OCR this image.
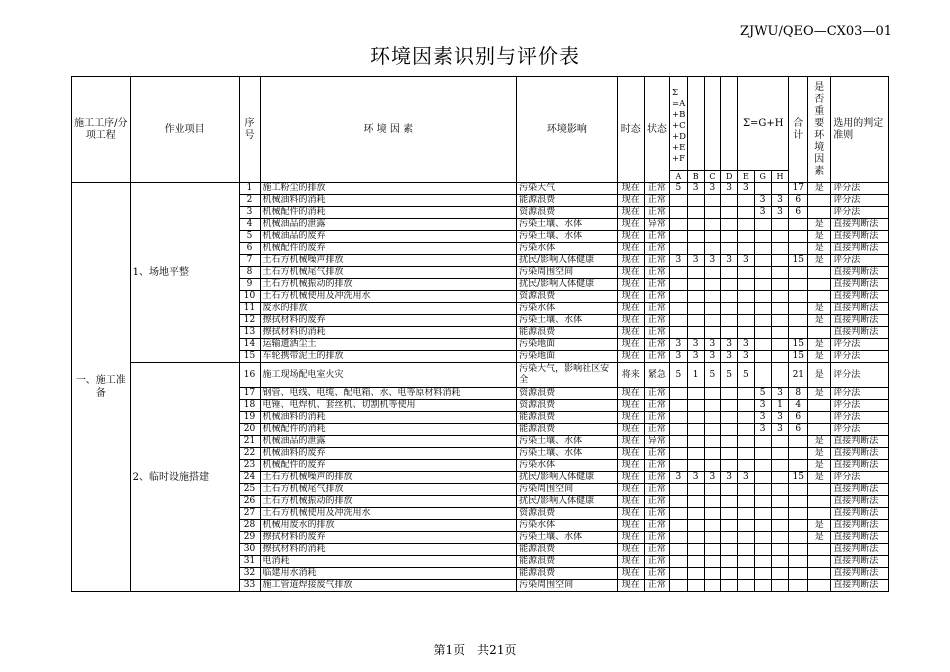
ZJWU/QEO—CX03—01
环境因素识别与评价表
施工工序/分项工程	作业项目	序号	环 境 因 素	环境影响	时态	状态	Σ =A +B +C +D +E +F				Σ=G+H			合计	是否重要环境因素	选用的判定准则
							A	B	C	D	E	G	H			
一、施工准备	1、场地平整	1	施工粉尘的排放	污染大气	现在	正常	5	3	3	3	3			17	是	评分法
		2	机械油料的消耗	能源浪费	现在	正常						3	3	6		评分法
		3	机械配件的消耗	资源浪费	现在	正常						3	3	6		评分法
		4	机械油品的泄露	污染土壤、水体	现在	异常									是	直接判断法
		5	机械油品的废弃	污染土壤、水体	现在	正常									是	直接判断法
		6	机械配件的废弃	污染水体	现在	正常									是	直接判断法
		7	土石方机械噪声排放	扰民/影响人体健康	现在	正常	3	3	3	3	3			15	是	评分法
		8	土石方机械尾气排放	污染周围空间	现在	正常										直接判断法
		9	土石方机械振动的排放	扰民/影响人体健康	现在	正常										直接判断法
		10	土石方机械使用及冲洗用水	资源浪费	现在	正常										直接判断法
		11	废水的排放	污染水体	现在	正常									是	直接判断法
		12	擦拭材料的废弃	污染土壤、水体	现在	正常									是	直接判断法
		13	擦拭材料的消耗	能源浪费	现在	正常										直接判断法
		14	运输遗洒尘土	污染地面	现在	正常	3	3	3	3	3			15	是	评分法
		15	车轮携带泥土的排放	污染地面	现在	正常	3	3	3	3	3			15	是	评分法
	2、临时设施搭建	16	施工现场配电室火灾	污染大气，影响社区安全	将来	紧急	5	1	5	5	5			21	是	评分法
		17	钢管、电线、电缆、配电箱、水、电等原材料消耗	资源浪费	现在	正常						5	3	8	是	评分法
		18	电锤、电焊机、套丝机、切割机等使用	资源浪费	现在	正常						3	1	4		评分法
		19	机械油料的消耗	能源浪费	现在	正常						3	3	6		评分法
		20	机械配件的消耗	能源浪费	现在	正常						3	3	6		评分法
		21	机械油品的泄露	污染土壤、水体	现在	异常									是	直接判断法
		22	机械油料的废弃	污染土壤、水体	现在	正常									是	直接判断法
		23	机械配件的废弃	污染水体	现在	正常									是	直接判断法
		24	土石方机械噪声的排放	扰民/影响人体健康	现在	正常	3	3	3	3	3			15	是	评分法
		25	土石方机械尾气排放	污染周围空间	现在	正常										直接判断法
		26	土石方机械振动的排放	扰民/影响人体健康	现在	正常										直接判断法
		27	土石方机械使用及冲洗用水	资源浪费	现在	正常										直接判断法
		28	机械用废水的排放	污染水体	现在	正常									是	直接判断法
		29	擦拭材料的废弃	污染土壤、水体	现在	正常									是	直接判断法
		30	擦拭材料的消耗	能源浪费	现在	正常										直接判断法
		31	电消耗	能源浪费	现在	正常										直接判断法
		32	临建用水消耗	能源浪费	现在	正常										直接判断法
		33	施工管道焊接废气排放	污染周围空间	现在	正常										直接判断法
第1页　共21页
